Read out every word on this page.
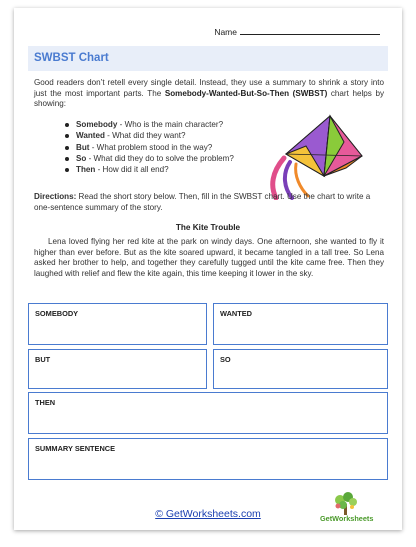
Name
SWBST Chart
Good readers don’t retell every single detail. Instead, they use a summary to shrink a story into just the most important parts. The Somebody-Wanted-But-So-Then (SWBST) chart helps by showing:
Somebody - Who is the main character?
Wanted - What did they want?
But - What problem stood in the way?
So - What did they do to solve the problem?
Then - How did it all end?
Directions: Read the short story below. Then, fill in the SWBST chart. Use the chart to write a one-sentence summary of the story.
The Kite Trouble
Lena loved flying her red kite at the park on windy days. One afternoon, she wanted to fly it higher than ever before. But as the kite soared upward, it became tangled in a tall tree. So Lena asked her brother to help, and together they carefully tugged until the kite came free. Then they laughed with relief and flew the kite again, this time keeping it lower in the sky.
SOMEBODY	WANTED
BUT	SO
THEN
SUMMARY SENTENCE
© GetWorksheets.com	GetWorksheets
